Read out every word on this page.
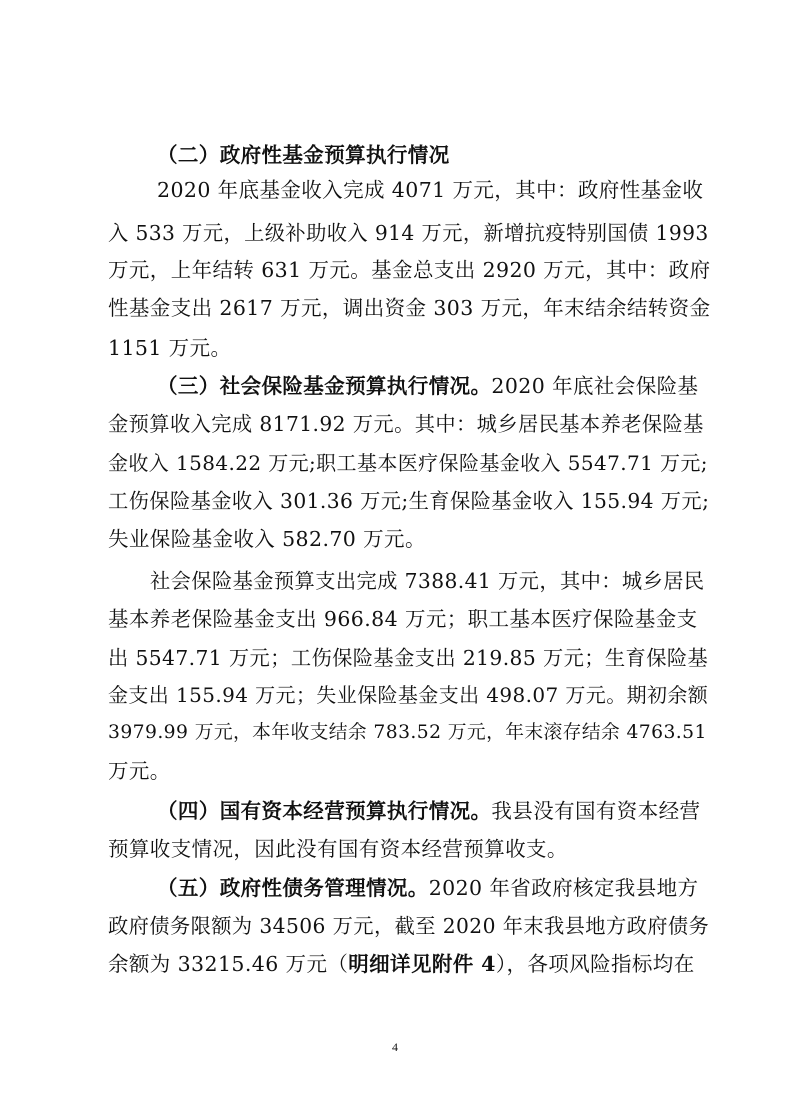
（二）政府性基金预算执行情况
2020 年底基金收入完成 4071 万元，其中：政府性基金收
入 533 万元，上级补助收入 914 万元，新增抗疫特别国债 1993
万元，上年结转 631 万元。基金总支出 2920 万元，其中：政府
性基金支出 2617 万元，调出资金 303 万元，年末结余结转资金
1151 万元。
（三）社会保险基金预算执行情况。2020 年底社会保险基
金预算收入完成 8171.92 万元。其中：城乡居民基本养老保险基
金收入 1584.22 万元;职工基本医疗保险基金收入 5547.71 万元;
工伤保险基金收入 301.36 万元;生育保险基金收入 155.94 万元;
失业保险基金收入 582.70 万元。
社会保险基金预算支出完成 7388.41 万元，其中：城乡居民
基本养老保险基金支出 966.84 万元；职工基本医疗保险基金支
出 5547.71 万元；工伤保险基金支出 219.85 万元；生育保险基
金支出 155.94 万元；失业保险基金支出 498.07 万元。期初余额
3979.99 万元，本年收支结余 783.52 万元，年末滚存结余 4763.51
万元。
（四）国有资本经营预算执行情况。我县没有国有资本经营
预算收支情况，因此没有国有资本经营预算收支。
（五）政府性债务管理情况。2020 年省政府核定我县地方
政府债务限额为 34506 万元，截至 2020 年末我县地方政府债务
余额为 33215.46 万元（明细详见附件 4），各项风险指标均在
4
